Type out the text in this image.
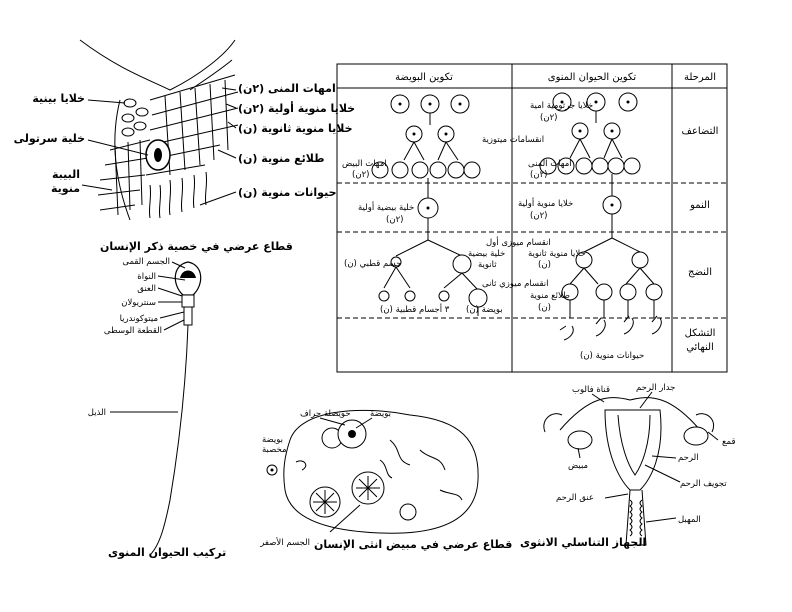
خلايا بينية
خلية سرتولى
البيبة
منوية
امهات المنى (٢ن)
خلايا منوية أولية (٢ن)
خلايا منوية ثانوية (ن)
طلائع منوية (ن)
حيوانات منوية (ن)
قطاع عرضي في خصية ذكر الإنسان
الجسم القمى
النواة
العنق
سنتريولان
ميتوكوندريا
القطعة الوسطى
الذيل
تركيب الحيوان المنوى
المرحلة
تكوين الحيوان المنوى
تكوين البويضة
التضاعف
النمو
النضج
التشكل
النهائي
خلايا جرثومية امية
(٢ن)
انقسامات ميتوزية
امهات المنى
(٢ن)
خلايا منوية أولية
(٢ن)
انقسام ميوزى أول
خلايا منوية ثانوية
(ن)
انقسام ميوزي ثانى
طلائع منوية
(ن)
حيوانات منوية (ن)
امهات البيض
(٢ن)
خلية بيضية أولية
(٢ن)
خلية بيضية
ثانوية
جسم قطبي (ن)
بويضة (ن)
٣ أجسام قطبية (ن)
حويصلة جراف بويضة
بويضة
مخصبة
الجسم الأصفر قطاع عرضي في مبيض انثى الإنسان
قناة فالوب	جدار الرحم
قمع
مبيض
الرحم
تجويف الرحم
عنق الرحم
المهبل
الجهاز التناسلي الانثوى
